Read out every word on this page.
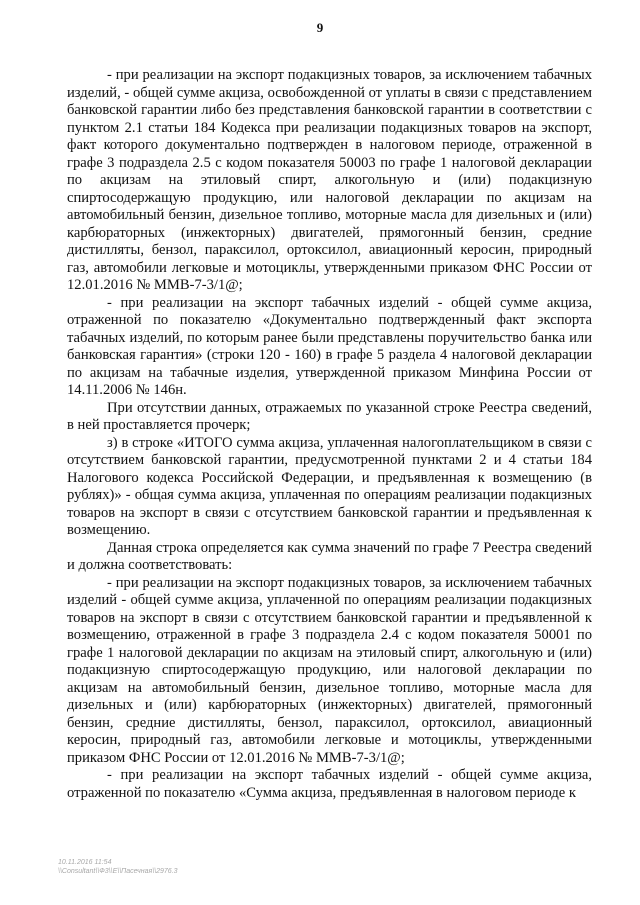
9

- при реализации на экспорт подакцизных товаров, за исключением табачных изделий, - общей сумме акциза, освобожденной от уплаты в связи с представлением банковской гарантии либо без представления банковской гарантии в соответствии с пунктом 2.1 статьи 184 Кодекса при реализации подакцизных товаров на экспорт, факт которого документально подтвержден в налоговом периоде, отраженной в графе 3 подраздела 2.5 с кодом показателя 50003 по графе 1 налоговой декларации по акцизам на этиловый спирт, алкогольную и (или) подакцизную спиртосодержащую продукцию, или налоговой декларации по акцизам на автомобильный бензин, дизельное топливо, моторные масла для дизельных и (или) карбюраторных (инжекторных) двигателей, прямогонный бензин, средние дистилляты, бензол, параксилол, ортоксилол, авиационный керосин, природный газ, автомобили легковые и мотоциклы, утвержденными приказом ФНС России от 12.01.2016 № ММВ-7-3/1@;

- при реализации на экспорт табачных изделий - общей сумме акциза, отраженной по показателю «Документально подтвержденный факт экспорта табачных изделий, по которым ранее были представлены поручительство банка или банковская гарантия» (строки 120 - 160) в графе 5 раздела 4 налоговой декларации по акцизам на табачные изделия, утвержденной приказом Минфина России от 14.11.2006 № 146н.

При отсутствии данных, отражаемых по указанной строке Реестра сведений, в ней проставляется прочерк;

з) в строке «ИТОГО сумма акциза, уплаченная налогоплательщиком в связи с отсутствием банковской гарантии, предусмотренной пунктами 2 и 4 статьи 184 Налогового кодекса Российской Федерации, и предъявленная к возмещению (в рублях)» - общая сумма акциза, уплаченная по операциям реализации подакцизных товаров на экспорт в связи с отсутствием банковской гарантии и предъявленная к возмещению.

Данная строка определяется как сумма значений по графе 7 Реестра сведений и должна соответствовать:

- при реализации на экспорт подакцизных товаров, за исключением табачных изделий - общей сумме акциза, уплаченной по операциям реализации подакцизных товаров на экспорт в связи с отсутствием банковской гарантии и предъявленной к возмещению, отраженной в графе 3 подраздела 2.4 с кодом показателя 50001 по графе 1 налоговой декларации по акцизам на этиловый спирт, алкогольную и (или) подакцизную спиртосодержащую продукцию, или налоговой декларации по акцизам на автомобильный бензин, дизельное топливо, моторные масла для дизельных и (или) карбюраторных (инжекторных) двигателей, прямогонный бензин, средние дистилляты, бензол, параксилол, ортоксилол, авиационный керосин, природный газ, автомобили легковые и мотоциклы, утвержденными приказом ФНС России от 12.01.2016 № ММВ-7-3/1@;

- при реализации на экспорт табачных изделий - общей сумме акциза, отраженной по показателю «Сумма акциза, предъявленная в налоговом периоде к

10.11.2016 11:54
\\Consultant\\Ф3\\Е\\Пасечная\\2976.3
